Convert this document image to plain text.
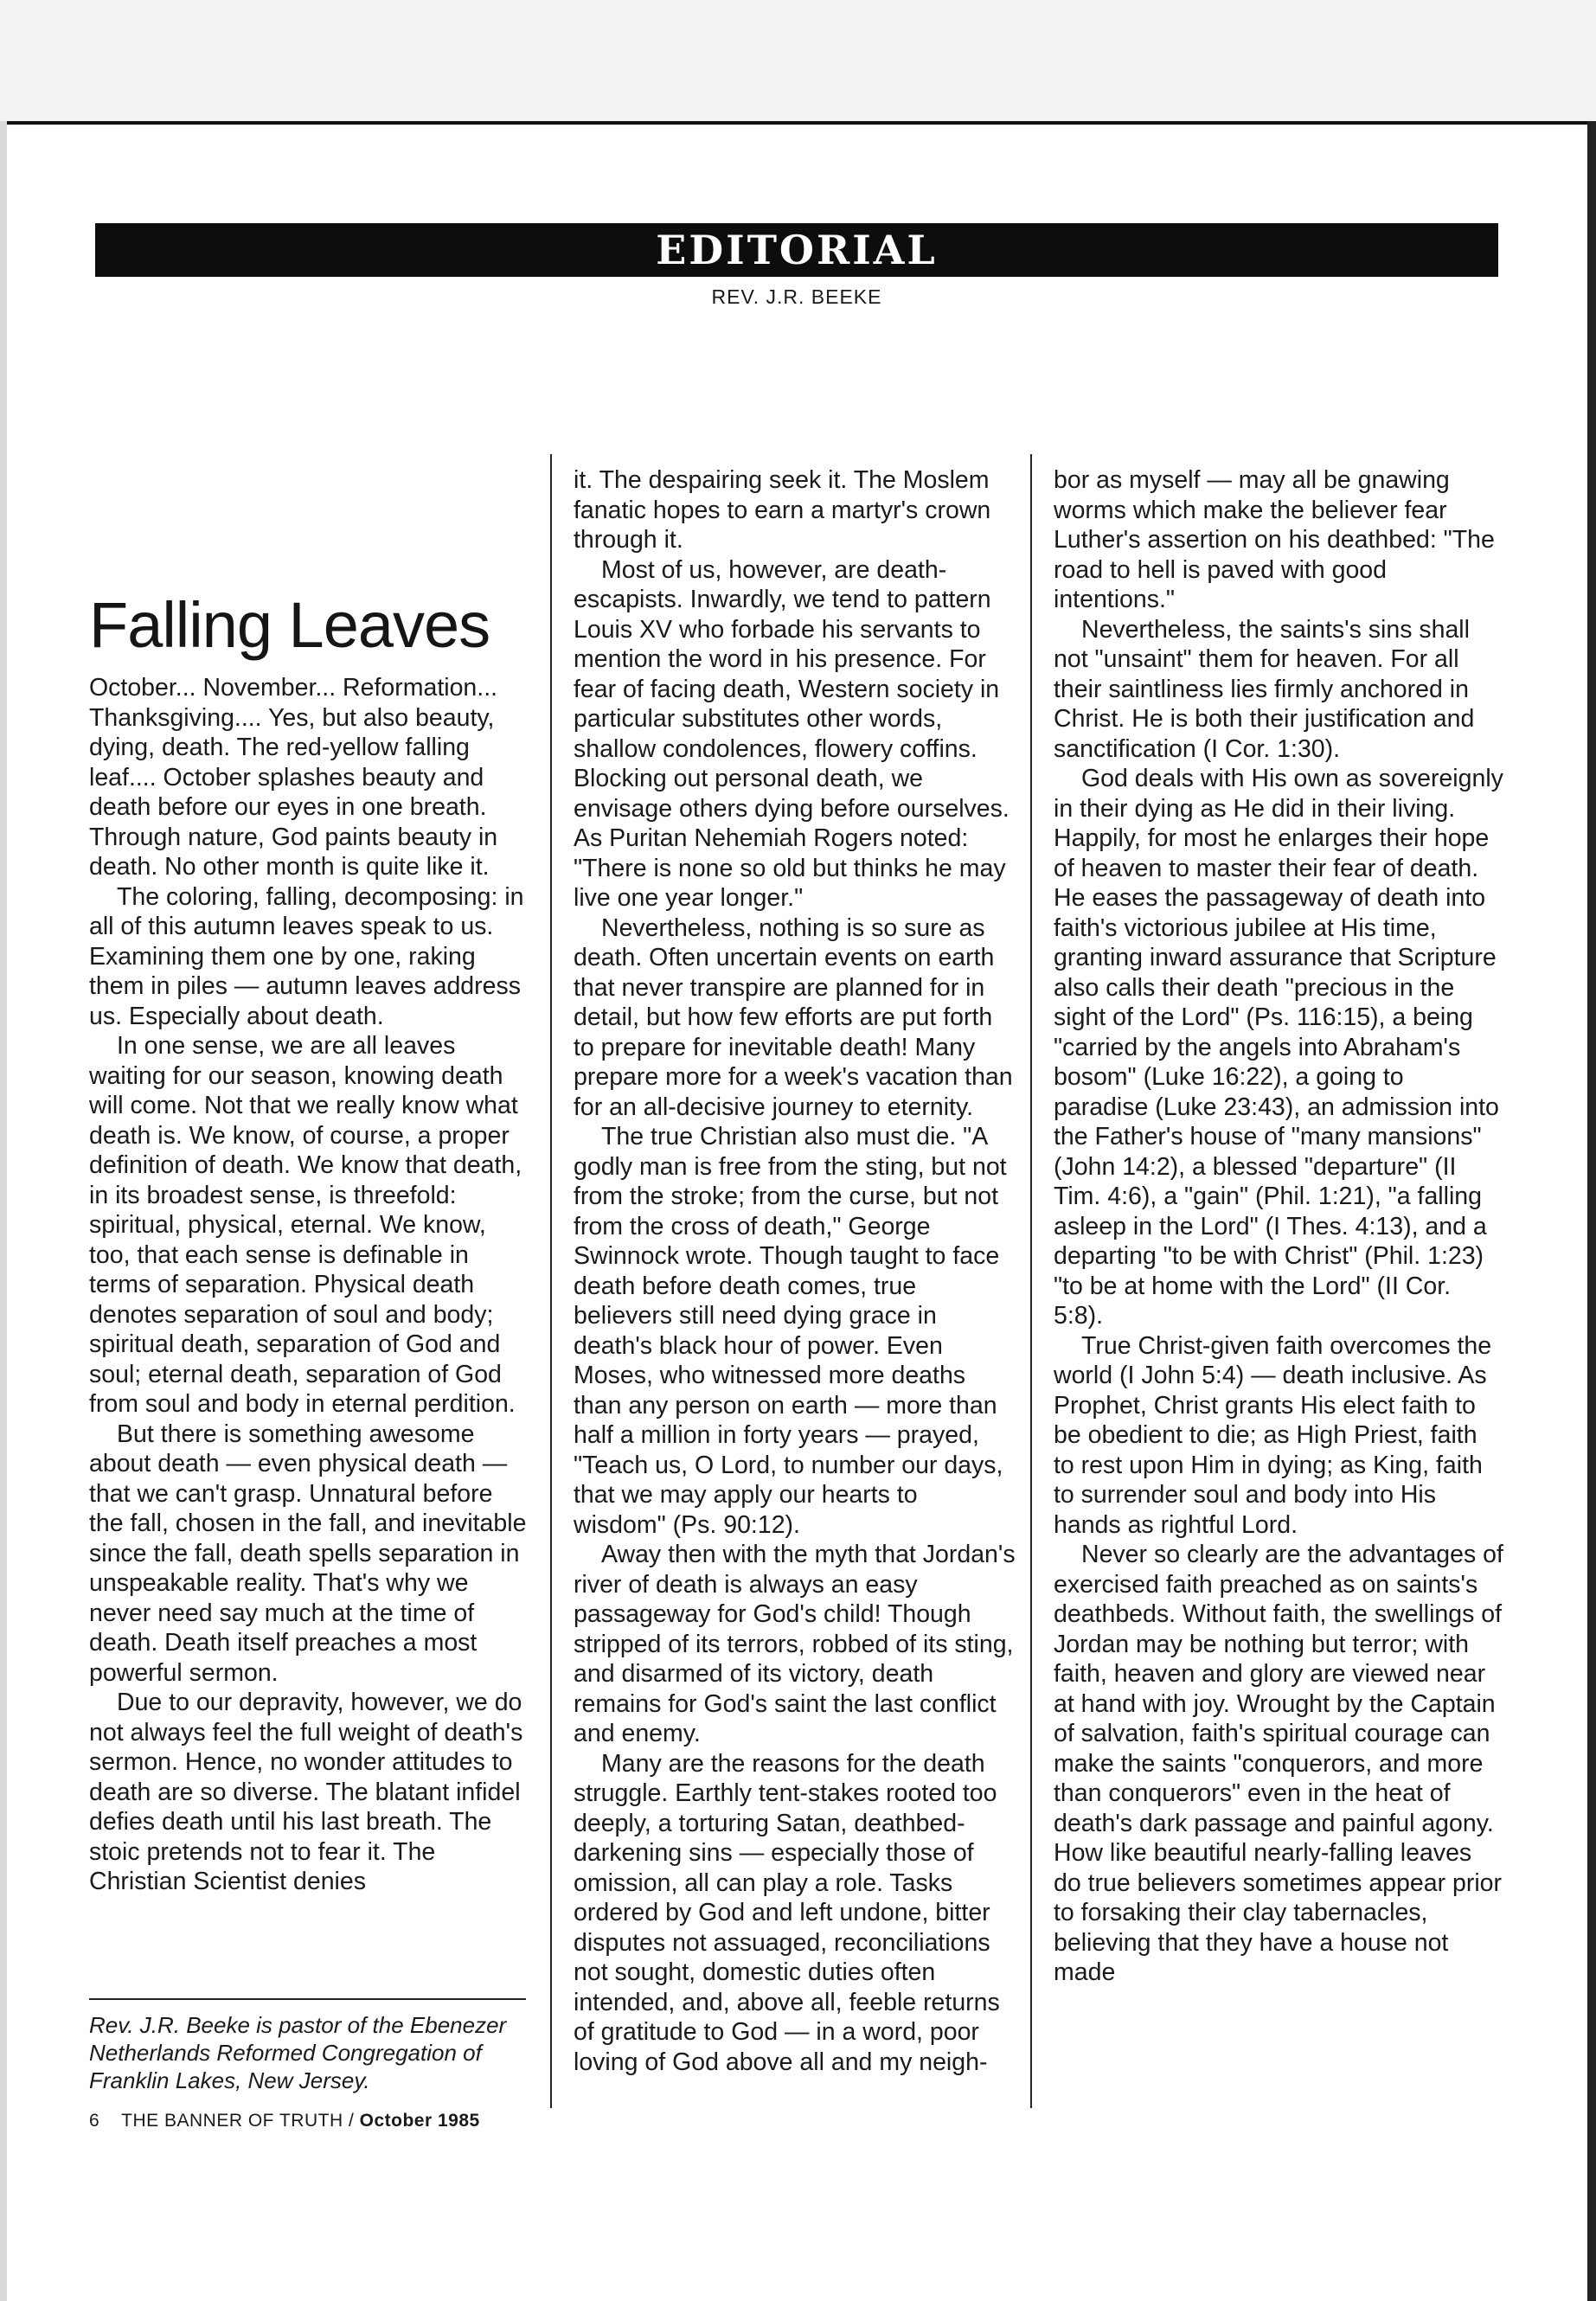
EDITORIAL
REV. J.R. BEEKE
Falling Leaves

October... November... Reformation... Thanksgiving.... Yes, but also beauty, dying, death. The red-yellow falling leaf.... October splashes beauty and death before our eyes in one breath. Through nature, God paints beauty in death. No other month is quite like it.

The coloring, falling, decomposing: in all of this autumn leaves speak to us. Examining them one by one, raking them in piles — autumn leaves address us. Especially about death.

In one sense, we are all leaves waiting for our season, knowing death will come. Not that we really know what death is. We know, of course, a proper definition of death. We know that death, in its broadest sense, is threefold: spiritual, physical, eternal. We know, too, that each sense is definable in terms of separation. Physical death denotes separation of soul and body; spiritual death, separation of God and soul; eternal death, separation of God from soul and body in eternal perdition.

But there is something awesome about death — even physical death — that we can't grasp. Unnatural before the fall, chosen in the fall, and inevitable since the fall, death spells separation in unspeakable reality. That's why we never need say much at the time of death. Death itself preaches a most powerful sermon.

Due to our depravity, however, we do not always feel the full weight of death's sermon. Hence, no wonder attitudes to death are so diverse. The blatant infidel defies death until his last breath. The stoic pretends not to fear it. The Christian Scientist denies

it. The despairing seek it. The Moslem fanatic hopes to earn a martyr's crown through it.

Most of us, however, are death-escapists. Inwardly, we tend to pattern Louis XV who forbade his servants to mention the word in his presence. For fear of facing death, Western society in particular substitutes other words, shallow condolences, flowery coffins. Blocking out personal death, we envisage others dying before ourselves. As Puritan Nehemiah Rogers noted: "There is none so old but thinks he may live one year longer."

Nevertheless, nothing is so sure as death. Often uncertain events on earth that never transpire are planned for in detail, but how few efforts are put forth to prepare for inevitable death! Many prepare more for a week's vacation than for an all-decisive journey to eternity.

The true Christian also must die. "A godly man is free from the sting, but not from the stroke; from the curse, but not from the cross of death," George Swinnock wrote. Though taught to face death before death comes, true believers still need dying grace in death's black hour of power. Even Moses, who witnessed more deaths than any person on earth — more than half a million in forty years — prayed, "Teach us, O Lord, to number our days, that we may apply our hearts to wisdom" (Ps. 90:12).

Away then with the myth that Jordan's river of death is always an easy passageway for God's child! Though stripped of its terrors, robbed of its sting, and disarmed of its victory, death remains for God's saint the last conflict and enemy.

Many are the reasons for the death struggle. Earthly tent-stakes rooted too deeply, a torturing Satan, deathbed-darkening sins — especially those of omission, all can play a role. Tasks ordered by God and left undone, bitter disputes not assuaged, reconciliations not sought, domestic duties often intended, and, above all, feeble returns of gratitude to God — in a word, poor loving of God above all and my neigh-

bor as myself — may all be gnawing worms which make the believer fear Luther's assertion on his deathbed: "The road to hell is paved with good intentions."

Nevertheless, the saints's sins shall not "unsaint" them for heaven. For all their saintliness lies firmly anchored in Christ. He is both their justification and sanctification (I Cor. 1:30).

God deals with His own as sovereignly in their dying as He did in their living. Happily, for most he enlarges their hope of heaven to master their fear of death. He eases the passageway of death into faith's victorious jubilee at His time, granting inward assurance that Scripture also calls their death "precious in the sight of the Lord" (Ps. 116:15), a being "carried by the angels into Abraham's bosom" (Luke 16:22), a going to paradise (Luke 23:43), an admission into the Father's house of "many mansions" (John 14:2), a blessed "departure" (II Tim. 4:6), a "gain" (Phil. 1:21), "a falling asleep in the Lord" (I Thes. 4:13), and a departing "to be with Christ" (Phil. 1:23) "to be at home with the Lord" (II Cor. 5:8).

True Christ-given faith overcomes the world (I John 5:4) — death inclusive. As Prophet, Christ grants His elect faith to be obedient to die; as High Priest, faith to rest upon Him in dying; as King, faith to surrender soul and body into His hands as rightful Lord.

Never so clearly are the advantages of exercised faith preached as on saints's deathbeds. Without faith, the swellings of Jordan may be nothing but terror; with faith, heaven and glory are viewed near at hand with joy. Wrought by the Captain of salvation, faith's spiritual courage can make the saints "conquerors, and more than conquerors" even in the heat of death's dark passage and painful agony. How like beautiful nearly-falling leaves do true believers sometimes appear prior to forsaking their clay tabernacles, believing that they have a house not made

Rev. J.R. Beeke is pastor of the Ebenezer Netherlands Reformed Congregation of Franklin Lakes, New Jersey.
6 THE BANNER OF TRUTH / October 1985
